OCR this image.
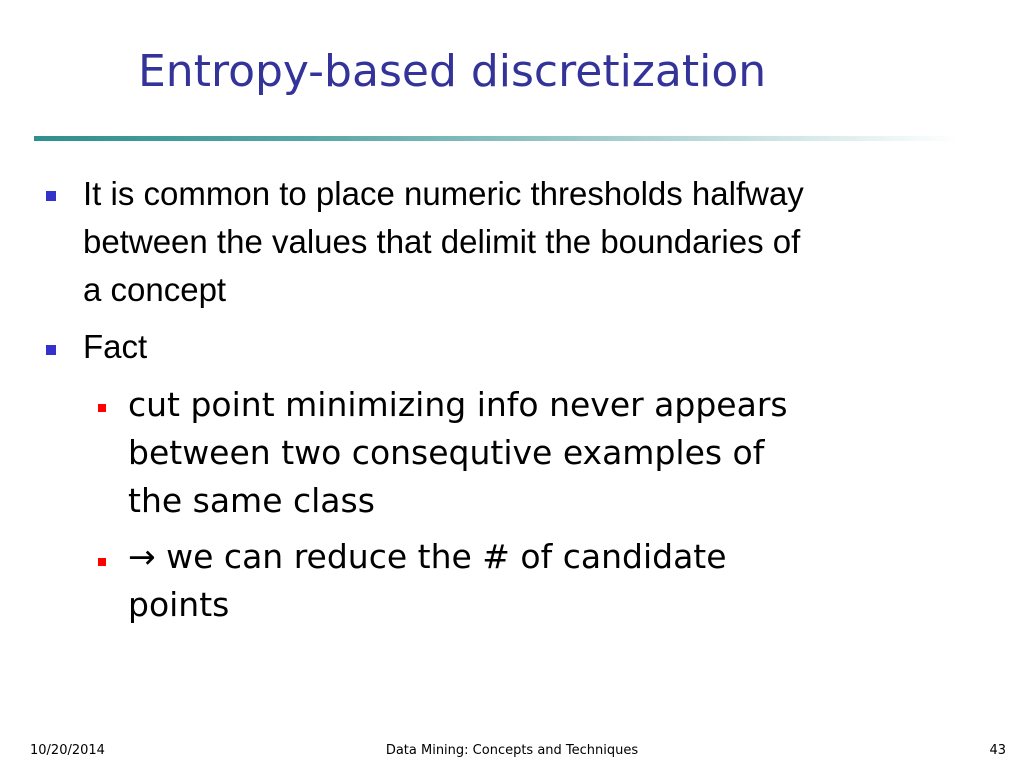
Entropy-based discretization
It is common to place numeric thresholds halfway
between the values that delimit the boundaries of
a concept
Fact
cut point minimizing info never appears
between two consequtive examples of
the same class
→ we can reduce the # of candidate
points
10/20/2014	Data Mining: Concepts and Techniques	43
